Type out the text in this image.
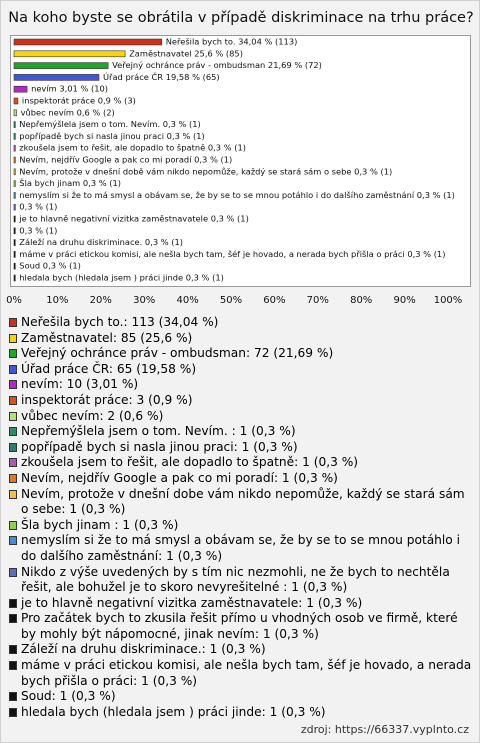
Na koho byste se obrátila v případě diskriminace na trhu práce?
Neřešila bych to. 34,04 % (113)
Zaměstnavatel 25,6 % (85)
Veřejný ochránce práv - ombudsman 21,69 % (72)
Úřad práce ČR 19,58 % (65)
nevím 3,01 % (10)
inspektorát práce 0,9 % (3)
vůbec nevím 0,6 % (2)
Nepřemýšlela jsem o tom. Nevím. 0,3 % (1)
popřípadě bych si nasla jinou praci 0,3 % (1)
zkoušela jsem to řešit, ale dopadlo to špatně 0,3 % (1)
Nevím, nejdřív Google a pak co mi poradí 0,3 % (1)
Nevím, protože v dnešní době vám nikdo nepomůže, každý se stará sám o sebe 0,3 % (1)
Šla bych jinam 0,3 % (1)
nemyslím si že to má smysl a obávam se, že by se to se mnou potáhlo i do dalšího zaměstnání 0,3 % (1)
0,3 % (1)
je to hlavně negativní vizitka zaměstnavatele 0,3 % (1)
0,3 % (1)
Záleží na druhu diskriminace. 0,3 % (1)
máme v práci etickou komisi, ale nešla bych tam, šéf je hovado, a nerada bych přišla o práci 0,3 % (1)
Soud 0,3 % (1)
hledala bych (hledala jsem ) práci jinde 0,3 % (1)
0% 10% 20% 30% 40% 50% 60% 70% 80% 90% 100%
Neřešila bych to.: 113 (34,04 %)
Zaměstnavatel: 85 (25,6 %)
Veřejný ochránce práv - ombudsman: 72 (21,69 %)
Úřad práce ČR: 65 (19,58 %)
nevím: 10 (3,01 %)
inspektorát práce: 3 (0,9 %)
vůbec nevím: 2 (0,6 %)
Nepřemýšlela jsem o tom. Nevím. : 1 (0,3 %)
popřípadě bych si nasla jinou praci: 1 (0,3 %)
zkoušela jsem to řešit, ale dopadlo to špatně: 1 (0,3 %)
Nevím, nejdřív Google a pak co mi poradí: 1 (0,3 %)
Nevím, protože v dnešní dobe vám nikdo nepomůže, každý se stará sám o sebe: 1 (0,3 %)
Šla bych jinam : 1 (0,3 %)
nemyslím si že to má smysl a obávam se, že by se to se mnou potáhlo i do dalšího zaměstnání: 1 (0,3 %)
Nikdo z výše uvedených by s tím nic nezmohli, ne že bych to nechtěla řešit, ale bohužel je to skoro nevyrešitelné : 1 (0,3 %)
je to hlavně negativní vizitka zaměstnavatele: 1 (0,3 %)
Pro začátek bych to zkusila řešit přímo u vhodných osob ve firmě, které by mohly být nápomocné, jinak nevím: 1 (0,3 %)
Záleží na druhu diskriminace.: 1 (0,3 %)
máme v práci etickou komisi, ale nešla bych tam, šéf je hovado, a nerada bych přišla o práci: 1 (0,3 %)
Soud: 1 (0,3 %)
hledala bych (hledala jsem ) práci jinde: 1 (0,3 %)
zdroj: https://66337.vyplnto.cz
